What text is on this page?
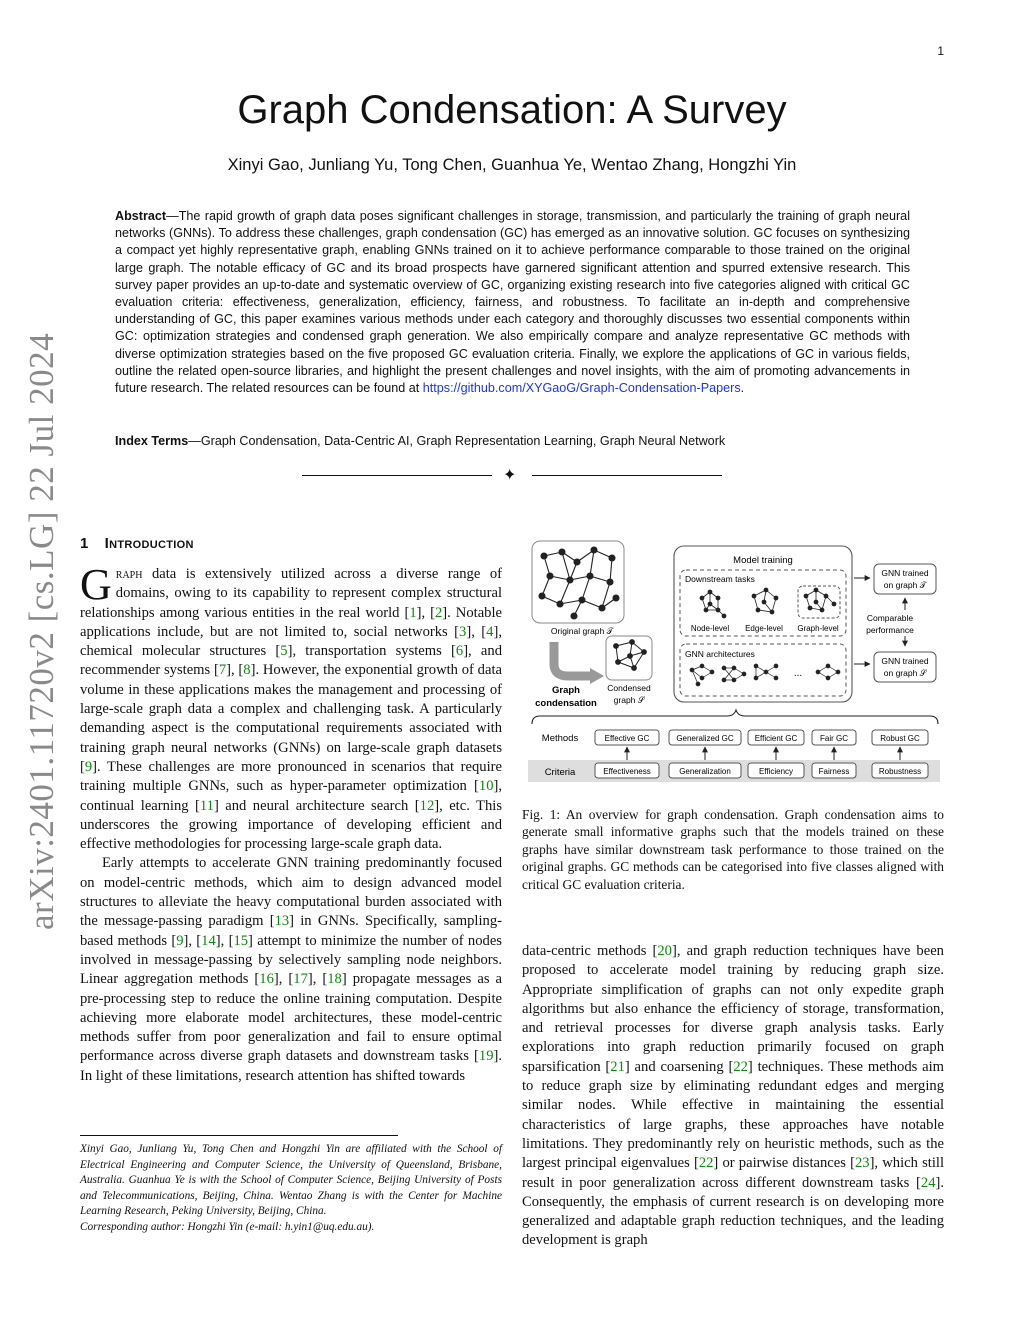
1
arXiv:2401.11720v2 [cs.LG] 22 Jul 2024
Graph Condensation: A Survey
Xinyi Gao, Junliang Yu, Tong Chen, Guanhua Ye, Wentao Zhang, Hongzhi Yin
Abstract—The rapid growth of graph data poses significant challenges in storage, transmission, and particularly the training of graph neural networks (GNNs). To address these challenges, graph condensation (GC) has emerged as an innovative solution. GC focuses on synthesizing a compact yet highly representative graph, enabling GNNs trained on it to achieve performance comparable to those trained on the original large graph. The notable efficacy of GC and its broad prospects have garnered significant attention and spurred extensive research. This survey paper provides an up-to-date and systematic overview of GC, organizing existing research into five categories aligned with critical GC evaluation criteria: effectiveness, generalization, efficiency, fairness, and robustness. To facilitate an in-depth and comprehensive understanding of GC, this paper examines various methods under each category and thoroughly discusses two essential components within GC: optimization strategies and condensed graph generation. We also empirically compare and analyze representative GC methods with diverse optimization strategies based on the five proposed GC evaluation criteria. Finally, we explore the applications of GC in various fields, outline the related open-source libraries, and highlight the present challenges and novel insights, with the aim of promoting advancements in future research. The related resources can be found at https://github.com/XYGaoG/Graph-Condensation-Papers.
Index Terms—Graph Condensation, Data-Centric AI, Graph Representation Learning, Graph Neural Network
✦
1 Introduction

Graph data is extensively utilized across a diverse range of domains, owing to its capability to represent complex structural relationships among various entities in the real world [1], [2]. Notable applications include, but are not limited to, social networks [3], [4], chemical molecular structures [5], transportation systems [6], and recommender systems [7], [8]. However, the exponential growth of data volume in these applications makes the management and processing of large-scale graph data a complex and challenging task. A particularly demanding aspect is the computational requirements associated with training graph neural networks (GNNs) on large-scale graph datasets [9]. These challenges are more pronounced in scenarios that require training multiple GNNs, such as hyper-parameter optimization [10], continual learning [11] and neural architecture search [12], etc. This underscores the growing importance of developing efficient and effective methodologies for processing large-scale graph data.

Early attempts to accelerate GNN training predominantly focused on model-centric methods, which aim to design advanced model structures to alleviate the heavy computational burden associated with the message-passing paradigm [13] in GNNs. Specifically, sampling-based methods [9], [14], [15] attempt to minimize the number of nodes involved in message-passing by selectively sampling node neighbors. Linear aggregation methods [16], [17], [18] propagate messages as a pre-processing step to reduce the online training computation. Despite achieving more elaborate model architectures, these model-centric methods suffer from poor generalization and fail to ensure optimal performance across diverse graph datasets and downstream tasks [19]. In light of these limitations, research attention has shifted towards

Xinyi Gao, Junliang Yu, Tong Chen and Hongzhi Yin are affiliated with the School of Electrical Engineering and Computer Science, the University of Queensland, Brisbane, Australia. Guanhua Ye is with the School of Computer Science, Beijing University of Posts and Telecommunications, Beijing, China. Wentao Zhang is with the Center for Machine Learning Research, Peking University, Beijing, China.

Corresponding author: Hongzhi Yin (e-mail: h.yin1@uq.edu.au).

data-centric methods [20], and graph reduction techniques have been proposed to accelerate model training by reducing graph size. Appropriate simplification of graphs can not only expedite graph algorithms but also enhance the efficiency of storage, transformation, and retrieval processes for diverse graph analysis tasks. Early explorations into graph reduction primarily focused on graph sparsification [21] and coarsening [22] techniques. These methods aim to reduce graph size by eliminating redundant edges and merging similar nodes. While effective in maintaining the essential characteristics of large graphs, these approaches have notable limitations. They predominantly rely on heuristic methods, such as the largest principal eigenvalues [22] or pairwise distances [23], which still result in poor generalization across different downstream tasks [24]. Consequently, the emphasis of current research is on developing more generalized and adaptable graph reduction techniques, and the leading development is graph

Original graph 𝒯
Graph
condensation
Condensed
graph 𝒮
Model training
Downstream tasks
Node-level Edge-level Graph-level
GNN architectures
...
GNN trained
on graph 𝒯
Comparable
performance
GNN trained
on graph 𝒮
Methods	Effective GC	Generalized GC	Efficient GC	Fair GC	Robust GC
Criteria	Effectiveness	Generalization	Efficiency	Fairness	Robustness
Fig. 1: An overview for graph condensation. Graph condensation aims to generate small informative graphs such that the models trained on these graphs have similar downstream task performance to those trained on the original graphs. GC methods can be categorised into five classes aligned with critical GC evaluation criteria.
